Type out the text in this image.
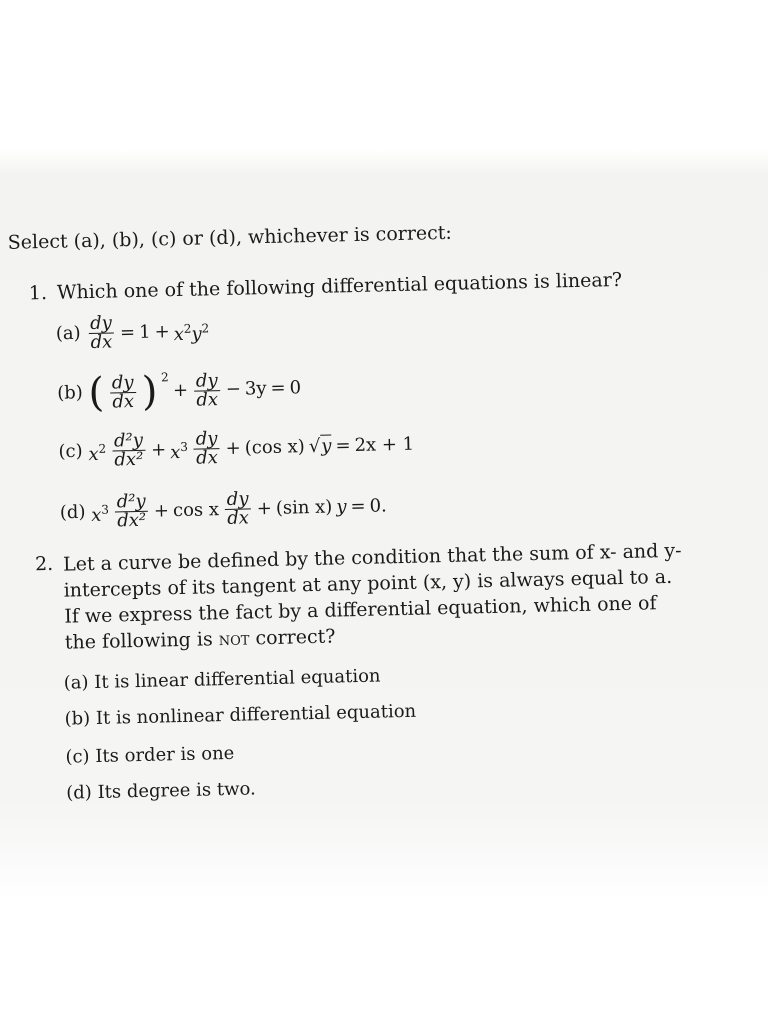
Select (a), (b), (c) or (d), whichever is correct:
1. Which one of the following differential equations is linear?
$(a) \frac{dy}{dx} = 1 + x^2y^2$
(b) ( $\frac{dy}{dx}$ ) $^2$
+ $\frac{dy}{dx} - 3y = 0$
(c) $x^2 \frac{\text{d²y}}{\text{dx²}} + x^3 \frac{dy}{dx} + (\cos$ x) √y = 2x + 1
(d) $x^3 \frac{\text{d²y}}{\text{dx²}} + \cos x \frac{dy}{dx} + (\sin$ x) y = 0.
2. Let a curve be defined by the condition that the sum of x- and y-intercepts of its tangent at any point (x, y) is always equal to a. If we express the fact by a differential equation, which one of the following is not correct?
(a) It is linear differential equation
(b) It is nonlinear differential equation
(c) Its order is one
(d) Its degree is two.
